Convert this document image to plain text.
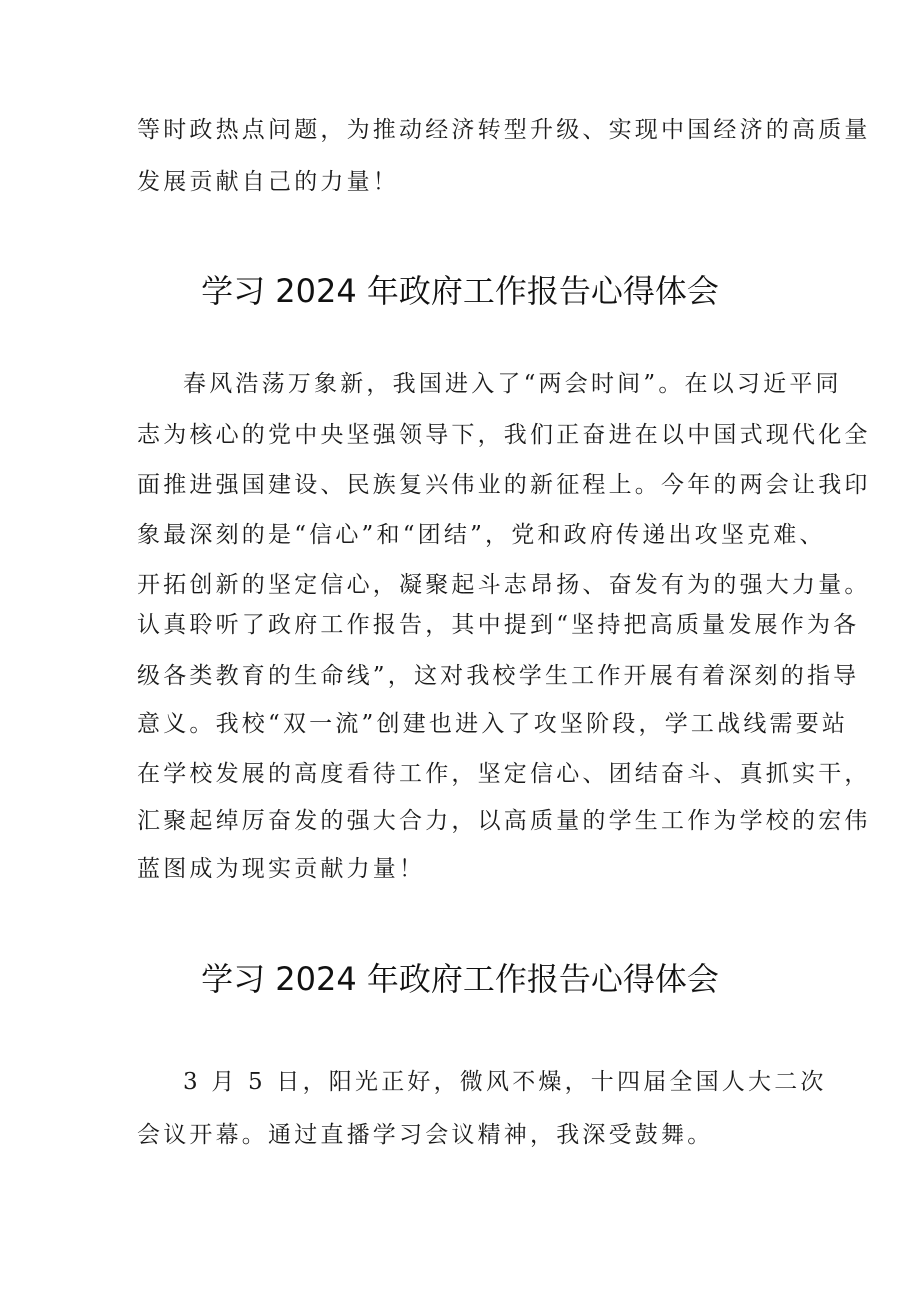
等时政热点问题，为推动经济转型升级、实现中国经济的高质量
发展贡献自己的力量！
学习 2024 年政府工作报告心得体会
春风浩荡万象新，我国进入了“两会时间”。在以习近平同
志为核心的党中央坚强领导下，我们正奋进在以中国式现代化全
面推进强国建设、民族复兴伟业的新征程上。今年的两会让我印
象最深刻的是“信心”和“团结”，党和政府传递出攻坚克难、
开拓创新的坚定信心，凝聚起斗志昂扬、奋发有为的强大力量。
认真聆听了政府工作报告，其中提到“坚持把高质量发展作为各
级各类教育的生命线”，这对我校学生工作开展有着深刻的指导
意义。我校“双一流”创建也进入了攻坚阶段，学工战线需要站
在学校发展的高度看待工作，坚定信心、团结奋斗、真抓实干，
汇聚起绰厉奋发的强大合力，以高质量的学生工作为学校的宏伟
蓝图成为现实贡献力量！
学习 2024 年政府工作报告心得体会
3 月 5 日，阳光正好，微风不燥，十四届全国人大二次
会议开幕。通过直播学习会议精神，我深受鼓舞。
